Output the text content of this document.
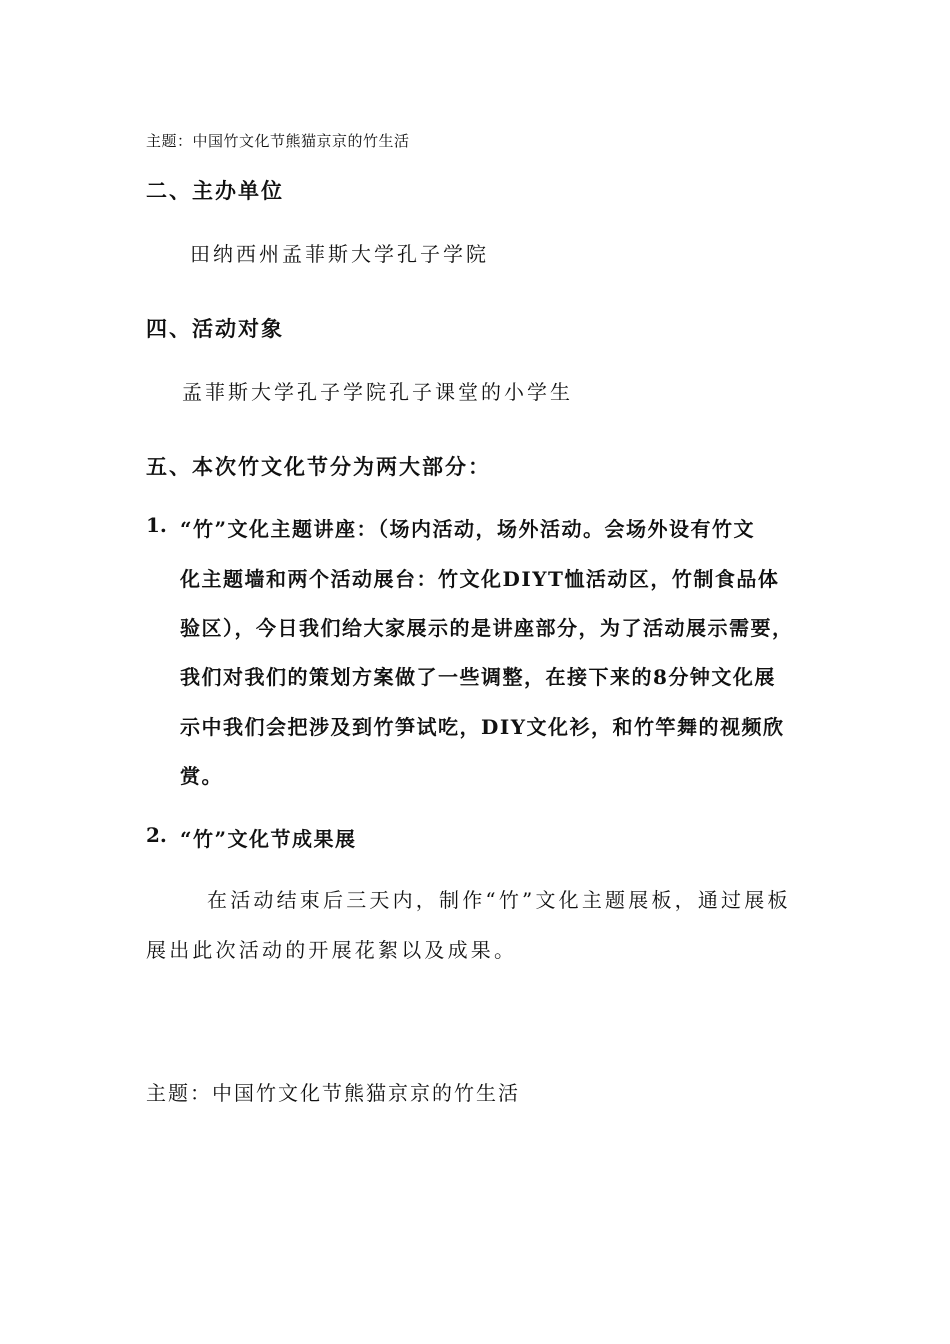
主题：中国竹文化节熊猫京京的竹生活
二、主办单位
田纳西州孟菲斯大学孔子学院
四、活动对象
孟菲斯大学孔子学院孔子课堂的小学生
五、本次竹文化节分为两大部分：
1. “竹”文化主题讲座：（场内活动，场外活动。会场外设有竹文
化主题墙和两个活动展台：竹文化DIYT恤活动区，竹制食品体
验区），今日我们给大家展示的是讲座部分，为了活动展示需要，
我们对我们的策划方案做了一些调整，在接下来的8分钟文化展
示中我们会把涉及到竹笋试吃，DIY文化衫，和竹竿舞的视频欣
赏。
2. “竹”文化节成果展
在活动结束后三天内，制作“竹”文化主题展板，通过展板
展出此次活动的开展花絮以及成果。
主题：中国竹文化节熊猫京京的竹生活
